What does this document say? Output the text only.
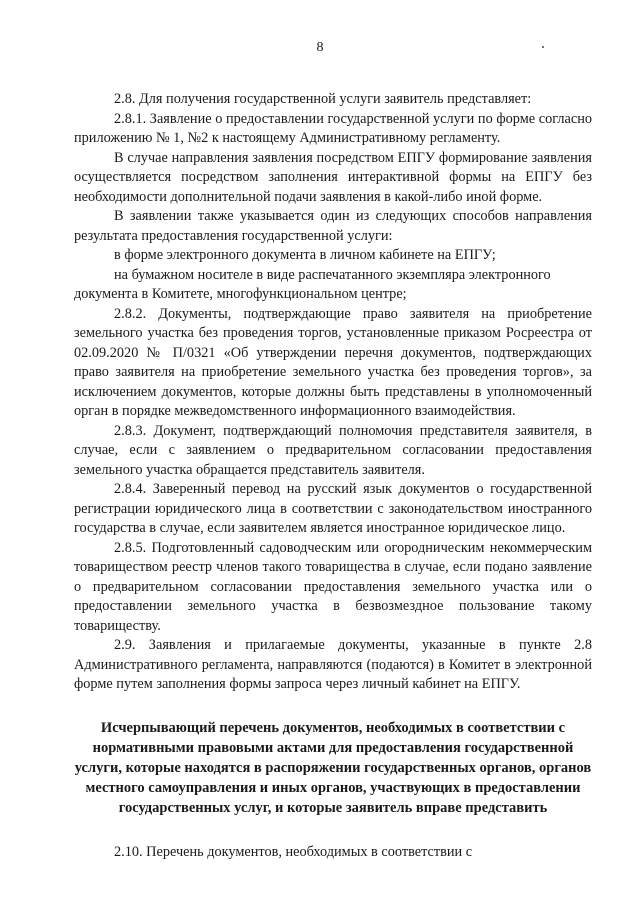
8

2.8. Для получения государственной услуги заявитель представляет:

2.8.1. Заявление о предоставлении государственной услуги по форме согласно приложению № 1, №2 к настоящему Административному регламенту.

В случае направления заявления посредством ЕПГУ формирование заявления осуществляется посредством заполнения интерактивной формы на ЕПГУ без необходимости дополнительной подачи заявления в какой-либо иной форме.

В заявлении также указывается один из следующих способов направления результата предоставления государственной услуги:

в форме электронного документа в личном кабинете на ЕПГУ;

на бумажном носителе в виде распечатанного экземпляра электронного документа в Комитете, многофункциональном центре;

2.8.2. Документы, подтверждающие право заявителя на приобретение земельного участка без проведения торгов, установленные приказом Росреестра от 02.09.2020 № П/0321 «Об утверждении перечня документов, подтверждающих право заявителя на приобретение земельного участка без проведения торгов», за исключением документов, которые должны быть представлены в уполномоченный орган в порядке межведомственного информационного взаимодействия.

2.8.3. Документ, подтверждающий полномочия представителя заявителя, в случае, если с заявлением о предварительном согласовании предоставления земельного участка обращается представитель заявителя.

2.8.4. Заверенный перевод на русский язык документов о государственной регистрации юридического лица в соответствии с законодательством иностранного государства в случае, если заявителем является иностранное юридическое лицо.

2.8.5. Подготовленный садоводческим или огородническим некоммерческим товариществом реестр членов такого товарищества в случае, если подано заявление о предварительном согласовании предоставления земельного участка или о предоставлении земельного участка в безвозмездное пользование такому товариществу.

2.9. Заявления и прилагаемые документы, указанные в пункте 2.8 Административного регламента, направляются (подаются) в Комитет в электронной форме путем заполнения формы запроса через личный кабинет на ЕПГУ.

Исчерпывающий перечень документов, необходимых в соответствии с нормативными правовыми актами для предоставления государственной услуги, которые находятся в распоряжении государственных органов, органов местного самоуправления и иных органов, участвующих в предоставлении государственных услуг, и которые заявитель вправе представить

2.10. Перечень документов, необходимых в соответствии с
